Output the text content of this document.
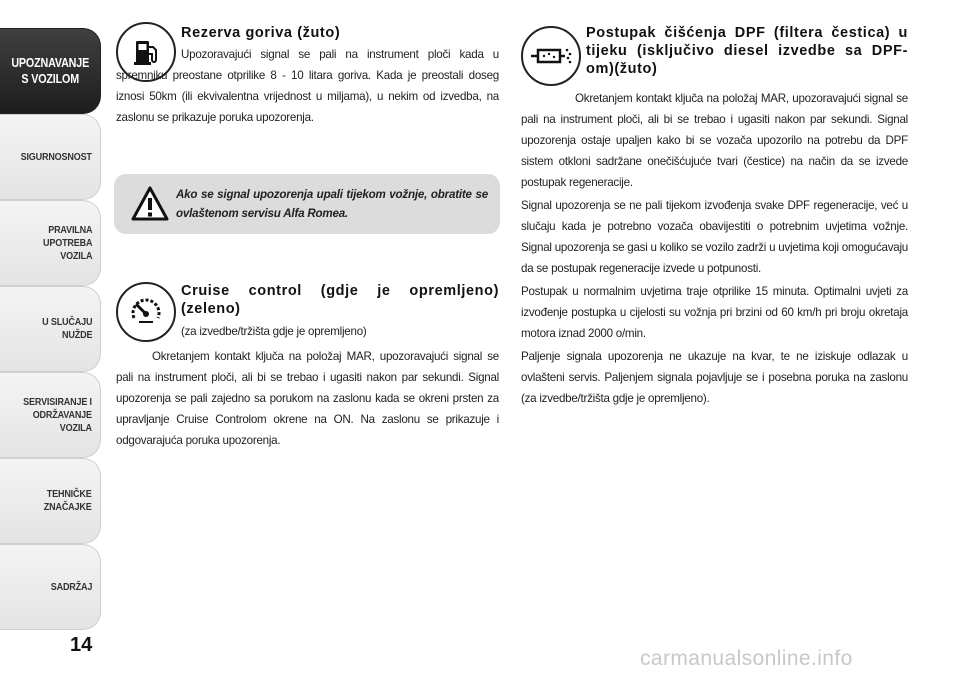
UPOZNAVANJE
S VOZILOM
SIGURNOSNOST
PRAVILNA
UPOTREBA
VOZILA
U SLUČAJU
NUŽDE
SERVISIRANJE I
ODRŽAVANJE
VOZILA
TEHNIČKE
ZNAČAJKE
SADRŽAJ
14
Rezerva goriva (žuto)

Upozoravajući signal se pali na instrument ploči kada u spremniku preostane otprilike 8 - 10 litara goriva. Kada je preostali doseg iznosi 50km (ili ekvivalentna vrijednost u miljama), u nekim od izvedba, na zaslonu se prikazuje poruka upozorenja.

Ako se signal upozorenja upali tijekom vožnje, obratite se ovlaštenom servisu Alfa Romea.
Cruise control (gdje je opremljeno) (zeleno)

(za izvedbe/tržišta gdje je opremljeno)

Okretanjem kontakt ključa na položaj MAR, upozoravajući signal se pali na instrument ploči, ali bi se trebao i ugasiti nakon par sekundi. Signal upozorenja se pali zajedno sa porukom na zaslonu kada se okreni prsten za upravljanje Cruise Controlom okrene na ON. Na zaslonu se prikazuje i odgovarajuća poruka upozorenja.

Postupak čišćenja DPF (filtera čestica) u tijeku (isključivo diesel izvedbe sa DPF-om)(žuto)

Okretanjem kontakt ključa na položaj MAR, upozoravajući signal se pali na instrument ploči, ali bi se trebao i ugasiti nakon par sekundi. Signal upozorenja ostaje upaljen kako bi se vozača upozorilo na potrebu da DPF sistem otkloni sadržane onečišćujuće tvari (čestice) na način da se izvede postupak regeneracije.

Signal upozorenja se ne pali tijekom izvođenja svake DPF regeneracije, već u slučaju kada je potrebno vozača obavijestiti o potrebnim uvjetima vožnje. Signal upozorenja se gasi u koliko se vozilo zadrži u uvjetima koji omogućavaju da se postupak regeneracije izvede u potpunosti.

Postupak u normalnim uvjetima traje otprilike 15 minuta. Optimalni uvjeti za izvođenje postupka u cijelosti su vožnja pri brzini od 60 km/h pri broju okretaja motora iznad 2000 o/min.

Paljenje signala upozorenja ne ukazuje na kvar, te ne iziskuje odlazak u ovlašteni servis. Paljenjem signala pojavljuje se i posebna poruka na zaslonu (za izvedbe/tržišta gdje je opremljeno).

carmanualsonline.info
